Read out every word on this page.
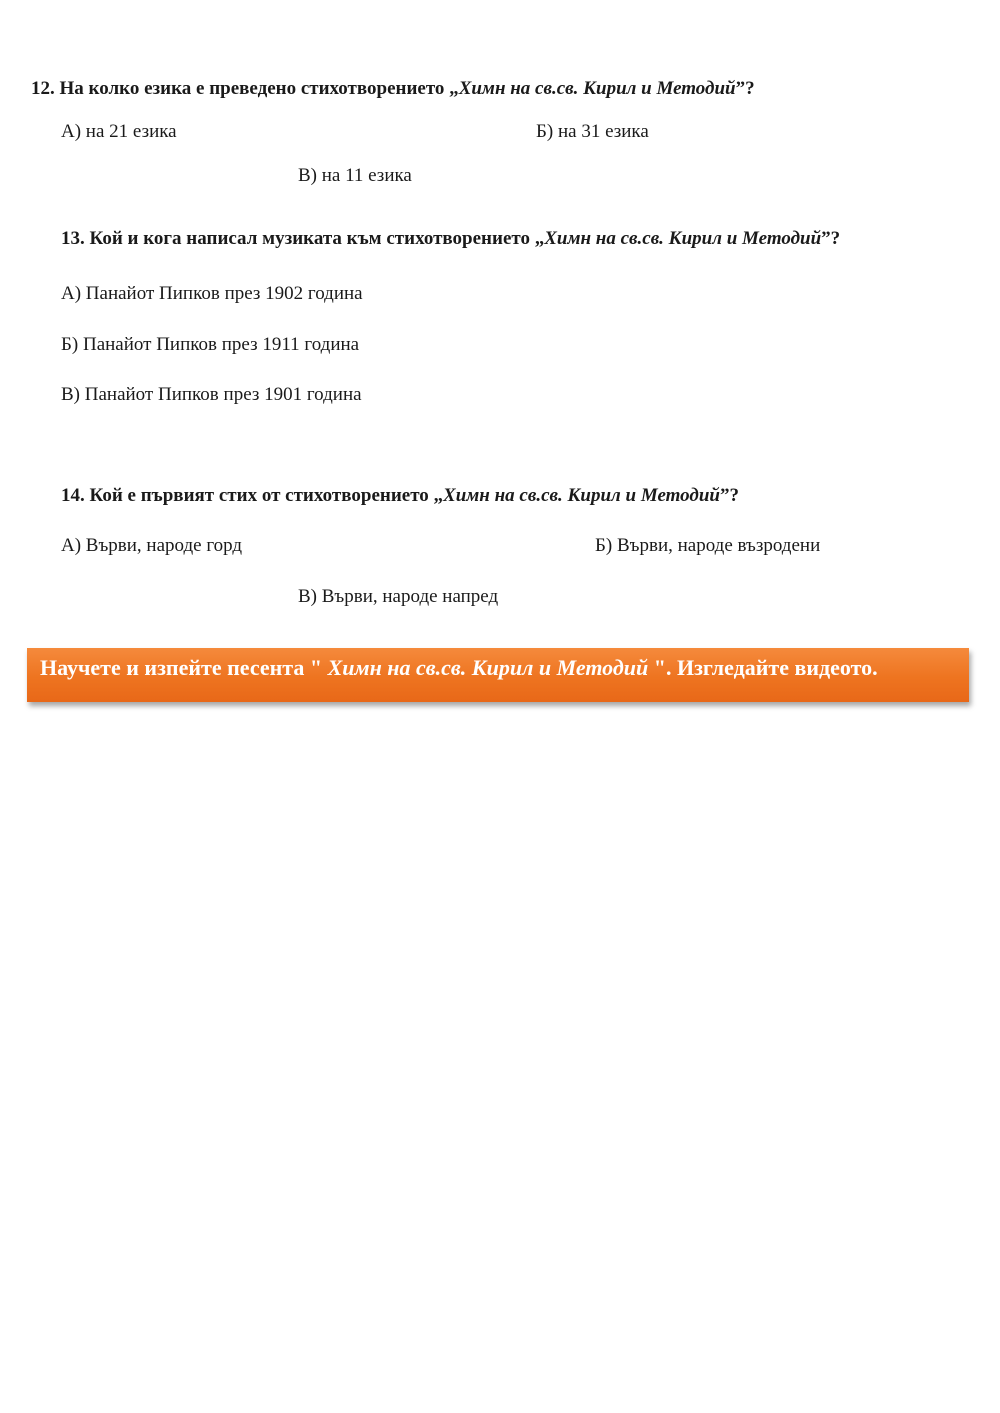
12. На колко езика е преведено стихотворението „Химн на св.св. Кирил и Методий”?
А) на 21 езика	Б) на 31 езика
В) на 11 езика
13. Кой и кога написал музиката към стихотворението „Химн на св.св. Кирил и Методий”?
А) Панайот Пипков през 1902 година
Б) Панайот Пипков през 1911 година
В) Панайот Пипков през 1901 година
14. Кой е първият стих от стихотворението „Химн на св.св. Кирил и Методий”?
А) Върви, народе горд	Б) Върви, народе възродени
В) Върви, народе напред
Научете и изпейте песента " Химн на св.св. Кирил и Методий ". Изгледайте видеото.
